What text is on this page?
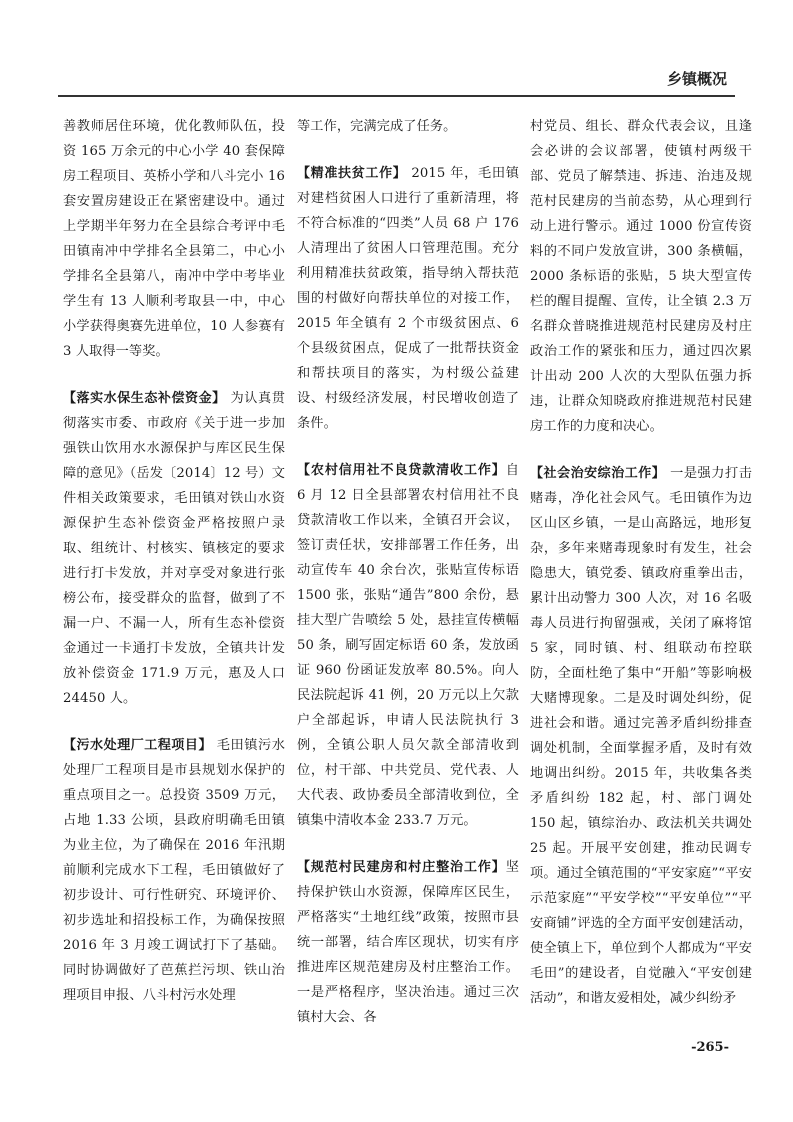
乡镇概况

善教师居住环境，优化教师队伍，投资 165 万余元的中心小学 40 套保障房工程项目、英桥小学和八斗完小 16 套安置房建设正在紧密建设中。通过上学期半年努力在全县综合考评中毛田镇南冲中学排名全县第二，中心小学排名全县第八，南冲中学中考毕业学生有 13 人顺利考取县一中，中心小学获得奥赛先进单位，10 人参赛有 3 人取得一等奖。

【落实水保生态补偿资金】 为认真贯彻落实市委、市政府《关于进一步加强铁山饮用水水源保护与库区民生保障的意见》（岳发〔2014〕12 号）文件相关政策要求，毛田镇对铁山水资源保护生态补偿资金严格按照户录取、组统计、村核实、镇核定的要求进行打卡发放，并对享受对象进行张榜公布，接受群众的监督，做到了不漏一户、不漏一人，所有生态补偿资金通过一卡通打卡发放，全镇共计发放补偿资金 171.9 万元，惠及人口 24450 人。

【污水处理厂工程项目】 毛田镇污水处理厂工程项目是市县规划水保护的重点项目之一。总投资 3509 万元，占地 1.33 公顷，县政府明确毛田镇为业主位，为了确保在 2016 年汛期前顺利完成水下工程，毛田镇做好了初步设计、可行性研究、环境评价、初步选址和招投标工作，为确保按照 2016 年 3 月竣工调试打下了基础。同时协调做好了芭蕉拦污坝、铁山治理项目申报、八斗村污水处理

等工作，完满完成了任务。

【精准扶贫工作】 2015 年，毛田镇对建档贫困人口进行了重新清理，将不符合标准的“四类”人员 68 户 176 人清理出了贫困人口管理范围。充分利用精准扶贫政策，指导纳入帮扶范围的村做好向帮扶单位的对接工作，2015 年全镇有 2 个市级贫困点、6 个县级贫困点，促成了一批帮扶资金和帮扶项目的落实，为村级公益建设、村级经济发展，村民增收创造了条件。

【农村信用社不良贷款清收工作】自 6 月 12 日全县部署农村信用社不良贷款清收工作以来，全镇召开会议，签订责任状，安排部署工作任务，出动宣传车 40 余台次，张贴宣传标语 1500 张，张贴“通告”800 余份，悬挂大型广告喷绘 5 处，悬挂宣传横幅 50 条，刷写固定标语 60 条，发放函证 960 份函证发放率 80.5%。向人民法院起诉 41 例，20 万元以上欠款户全部起诉，申请人民法院执行 3 例，全镇公职人员欠款全部清收到位，村干部、中共党员、党代表、人大代表、政协委员全部清收到位，全镇集中清收本金 233.7 万元。

【规范村民建房和村庄整治工作】坚持保护铁山水资源，保障库区民生，严格落实“土地红线”政策，按照市县统一部署，结合库区现状，切实有序推进库区规范建房及村庄整治工作。一是严格程序，坚决治违。通过三次镇村大会、各

村党员、组长、群众代表会议，且逢会必讲的会议部署，使镇村两级干部、党员了解禁违、拆违、治违及规范村民建房的当前态势，从心理到行动上进行警示。通过 1000 份宣传资料的不同户发放宣讲，300 条横幅，2000 条标语的张贴，5 块大型宣传栏的醒目提醒、宣传，让全镇 2.3 万名群众普晓推进规范村民建房及村庄政治工作的紧张和压力，通过四次累计出动 200 人次的大型队伍强力拆违，让群众知晓政府推进规范村民建房工作的力度和决心。

【社会治安综治工作】 一是强力打击赌毒，净化社会风气。毛田镇作为边区山区乡镇，一是山高路远，地形复杂，多年来赌毒现象时有发生，社会隐患大，镇党委、镇政府重拳出击，累计出动警力 300 人次，对 16 名吸毒人员进行拘留强戒，关闭了麻将馆 5 家，同时镇、村、组联动布控联防，全面杜绝了集中“开船”等影响极大赌博现象。二是及时调处纠纷，促进社会和谐。通过完善矛盾纠纷排查调处机制，全面掌握矛盾，及时有效地调出纠纷。2015 年，共收集各类矛盾纠纷 182 起，村、部门调处 150 起，镇综治办、政法机关共调处 25 起。开展平安创建，推动民调专项。通过全镇范围的“平安家庭”“平安示范家庭”“平安学校”“平安单位”“平安商铺”评选的全方面平安创建活动，使全镇上下，单位到个人都成为“平安毛田”的建设者，自觉融入“平安创建活动”，和谐友爱相处，减少纠纷矛

-265-
